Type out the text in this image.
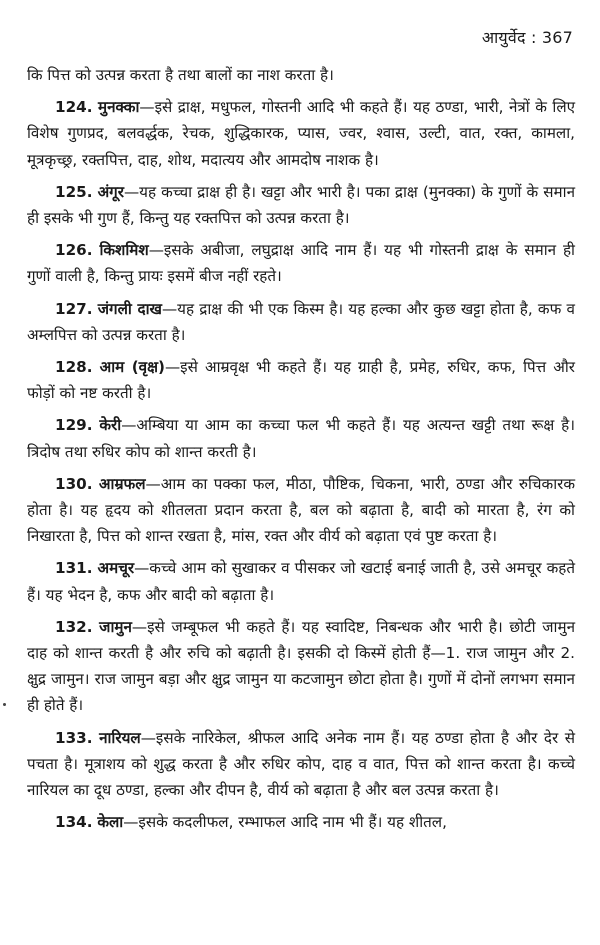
आयुर्वेद : 367
कि पित्त को उत्पन्न करता है तथा बालों का नाश करता है।

124. मुनक्का—इसे द्राक्ष, मधुफल, गोस्तनी आदि भी कहते हैं। यह ठण्डा, भारी, नेत्रों के लिए विशेष गुणप्रद, बलवर्द्धक, रेचक, शुद्धिकारक, प्यास, ज्वर, श्वास, उल्टी, वात, रक्त, कामला, मूत्रकृच्छ्र, रक्तपित्त, दाह, शोथ, मदात्यय और आमदोष नाशक है।

125. अंगूर—यह कच्चा द्राक्ष ही है। खट्टा और भारी है। पका द्राक्ष (मुनक्का) के गुणों के समान ही इसके भी गुण हैं, किन्तु यह रक्तपित्त को उत्पन्न करता है।

126. किशमिश—इसके अबीजा, लघुद्राक्ष आदि नाम हैं। यह भी गोस्तनी द्राक्ष के समान ही गुणों वाली है, किन्तु प्रायः इसमें बीज नहीं रहते।

127. जंगली दाख—यह द्राक्ष की भी एक किस्म है। यह हल्का और कुछ खट्टा होता है, कफ व अम्लपित्त को उत्पन्न करता है।

128. आम (वृक्ष)—इसे आम्रवृक्ष भी कहते हैं। यह ग्राही है, प्रमेह, रुधिर, कफ, पित्त और फोड़ों को नष्ट करती है।

129. केरी—अम्बिया या आम का कच्चा फल भी कहते हैं। यह अत्यन्त खट्टी तथा रूक्ष है। त्रिदोष तथा रुधिर कोप को शान्त करती है।

130. आम्रफल—आम का पक्का फल, मीठा, पौष्टिक, चिकना, भारी, ठण्डा और रुचिकारक होता है। यह हृदय को शीतलता प्रदान करता है, बल को बढ़ाता है, बादी को मारता है, रंग को निखारता है, पित्त को शान्त रखता है, मांस, रक्त और वीर्य को बढ़ाता एवं पुष्ट करता है।

131. अमचूर—कच्चे आम को सुखाकर व पीसकर जो खटाई बनाई जाती है, उसे अमचूर कहते हैं। यह भेदन है, कफ और बादी को बढ़ाता है।

132. जामुन—इसे जम्बूफल भी कहते हैं। यह स्वादिष्ट, निबन्धक और भारी है। छोटी जामुन दाह को शान्त करती है और रुचि को बढ़ाती है। इसकी दो किस्में होती हैं—1. राज जामुन और 2. क्षुद्र जामुन। राज जामुन बड़ा और क्षुद्र जामुन या कटजामुन छोटा होता है। गुणों में दोनों लगभग समान ही होते हैं।

133. नारियल—इसके नारिकेल, श्रीफल आदि अनेक नाम हैं। यह ठण्डा होता है और देर से पचता है। मूत्राशय को शुद्ध करता है और रुधिर कोप, दाह व वात, पित्त को शान्त करता है। कच्चे नारियल का दूध ठण्डा, हल्का और दीपन है, वीर्य को बढ़ाता है और बल उत्पन्न करता है।

134. केला—इसके कदलीफल, रम्भाफल आदि नाम भी हैं। यह शीतल,
